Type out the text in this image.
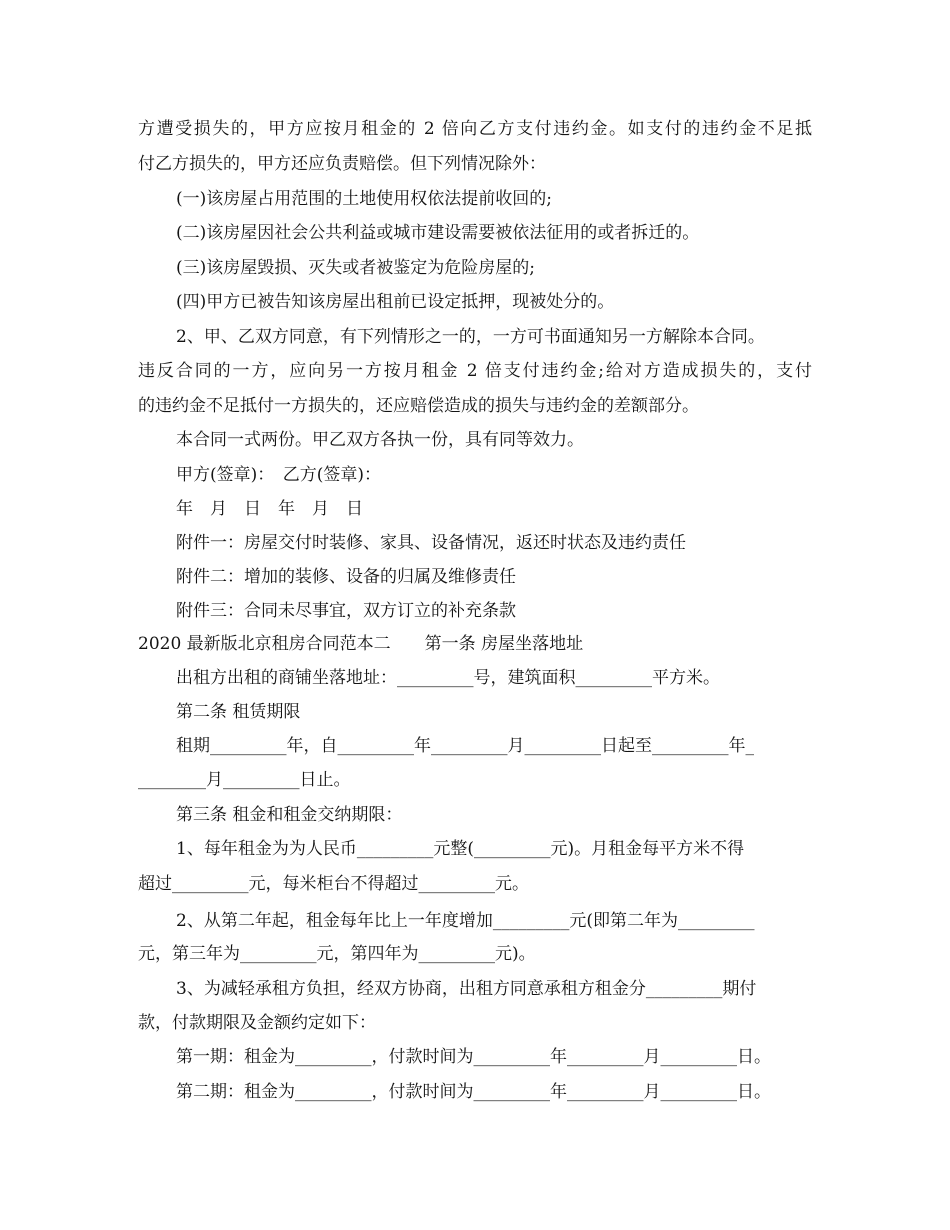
方遭受损失的，甲方应按月租金的 2 倍向乙方支付违约金。如支付的违约金不足抵
付乙方损失的，甲方还应负责赔偿。但下列情况除外：
(一)该房屋占用范围的土地使用权依法提前收回的;
(二)该房屋因社会公共利益或城市建设需要被依法征用的或者拆迁的。
(三)该房屋毁损、灭失或者被鉴定为危险房屋的;
(四)甲方已被告知该房屋出租前已设定抵押，现被处分的。
2、甲、乙双方同意，有下列情形之一的，一方可书面通知另一方解除本合同。
违反合同的一方，应向另一方按月租金 2 倍支付违约金;给对方造成损失的，支付
的违约金不足抵付一方损失的，还应赔偿造成的损失与违约金的差额部分。
本合同一式两份。甲乙双方各执一份，具有同等效力。
甲方(签章)：　乙方(签章)：
年　月　日　年　月　日
附件一：房屋交付时装修、家具、设备情况，返还时状态及违约责任
附件二：增加的装修、设备的归属及维修责任
附件三：合同未尽事宜，双方订立的补充条款
2020 最新版北京租房合同范本二　　第一条 房屋坐落地址
出租方出租的商铺坐落地址：_________号，建筑面积_________平方米。
第二条 租赁期限
租期_________年，自_________年_________月_________日起至_________年_
________月_________日止。
第三条 租金和租金交纳期限：
1、每年租金为为人民币_________元整(_________元)。月租金每平方米不得
超过_________元，每米柜台不得超过_________元。
2、从第二年起，租金每年比上一年度增加_________元(即第二年为_________
元，第三年为_________元，第四年为_________元)。
3、为减轻承租方负担，经双方协商，出租方同意承租方租金分_________期付
款，付款期限及金额约定如下：
第一期：租金为_________，付款时间为_________年_________月_________日。
第二期：租金为_________，付款时间为_________年_________月_________日。
